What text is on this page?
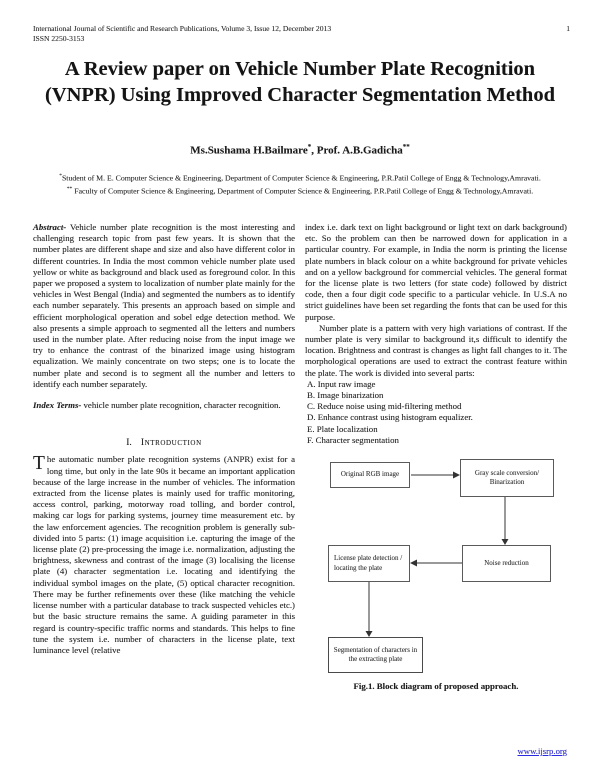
International Journal of Scientific and Research Publications, Volume 3, Issue 12, December 2013	1
ISSN 2250-3153
A Review paper on Vehicle Number Plate Recognition (VNPR) Using Improved Character Segmentation Method
Ms.Sushama H.Bailmare*, Prof. A.B.Gadicha**
*Student of M. E. Computer Science & Engineering, Department of Computer Science & Engineering, P.R.Patil College of Engg & Technology,Amravati.
** Faculty of Computer Science & Engineering, Department of Computer Science & Engineering, P.R.Patil College of Engg & Technology,Amravati.

Abstract- Vehicle number plate recognition is the most interesting and challenging research topic from past few years. It is shown that the number plates are different shape and size and also have different color in different countries. In India the most common vehicle number plate used yellow or white as background and black used as foreground color. In this paper we proposed a system to localization of number plate mainly for the vehicles in West Bengal (India) and segmented the numbers as to identify each number separately. This presents an approach based on simple and efficient morphological operation and sobel edge detection method. We also presents a simple approach to segmented all the letters and numbers used in the number plate. After reducing noise from the input image we try to enhance the contrast of the binarized image using histogram equalization. We mainly concentrate on two steps; one is to locate the number plate and second is to segment all the number and letters to identify each number separately.

Index Terms- vehicle number plate recognition, character recognition.

I. Introduction

The automatic number plate recognition systems (ANPR) exist for a long time, but only in the late 90s it became an important application because of the large increase in the number of vehicles. The information extracted from the license plates is mainly used for traffic monitoring, access control, parking, motorway road tolling, and border control, making car logs for parking systems, journey time measurement etc. by the law enforcement agencies. The recognition problem is generally sub-divided into 5 parts: (1) image acquisition i.e. capturing the image of the license plate (2) pre-processing the image i.e. normalization, adjusting the brightness, skewness and contrast of the image (3) localising the license plate (4) character segmentation i.e. locating and identifying the individual symbol images on the plate, (5) optical character recognition. There may be further refinements over these (like matching the vehicle license number with a particular database to track suspected vehicles etc.) but the basic structure remains the same. A guiding parameter in this regard is country-specific traffic norms and standards. This helps to fine tune the system i.e. number of characters in the license plate, text luminance level (relative

index i.e. dark text on light background or light text on dark background) etc. So the problem can then be narrowed down for application in a particular country. For example, in India the norm is printing the license plate numbers in black colour on a white background for private vehicles and on a yellow background for commercial vehicles. The general format for the license plate is two letters (for state code) followed by district code, then a four digit code specific to a particular vehicle. In U.S.A no strict guidelines have been set regarding the fonts that can be used for this purpose.

Number plate is a pattern with very high variations of contrast. If the number plate is very similar to background it,s difficult to identify the location. Brightness and contrast is changes as light fall changes to it. The morphological operations are used to extract the contrast feature within the plate. The work is divided into several parts:

A. Input raw image
B. Image binarization
C. Reduce noise using mid-filtering method
D. Enhance contrast using histogram equalizer.
E. Plate localization
F. Character segmentation
Original RGB image	Gray scale conversion/ Binarization
Noise reduction
License plate detection / locating the plate
Segmentation of characters in the extracting plate
Fig.1. Block diagram of proposed approach.
www.ijsrp.org
